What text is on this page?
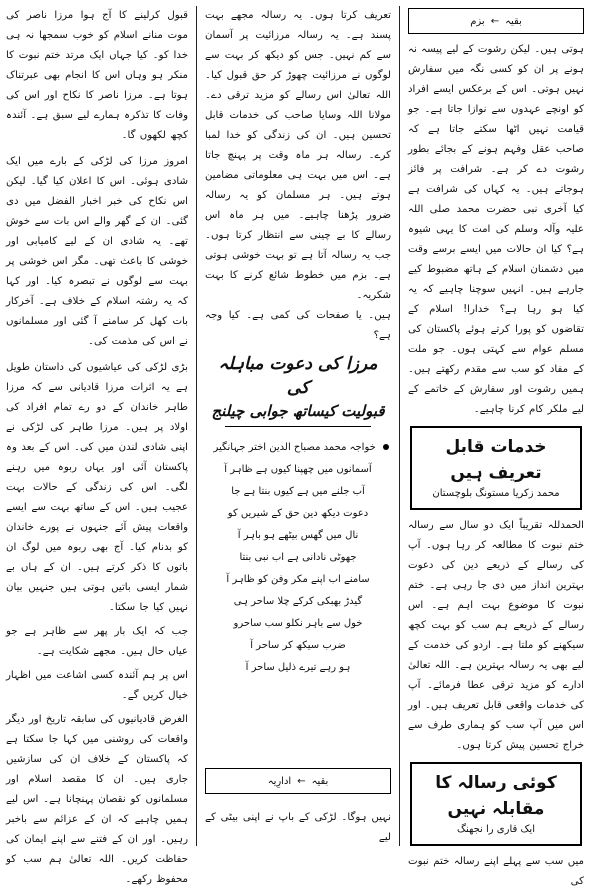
بقیہ
←
بزم
ہوتی ہیں۔ لیکن رشوت کے لیے پیسہ نہ ہونے پر ان کو کسی نگہ میں سفارش نہیں ہوتی۔ اس کے برعکس ایسے افراد کو اونچے عہدوں سے نوازا جاتا ہے۔ جو قیامت نہیں اٹھا سکتے جاتا ہے کہ صاحب عقل وفہم ہونے کے بجائے بطور رشوت دے کر ہے۔ شرافت پر فائز ہوجاتے ہیں۔ یہ کہاں کی شرافت ہے کیا آخری نبی حضرت محمد صلی اللہ علیہ وآلہ وسلم کی امت کا یہی شیوہ ہے؟ کیا ان حالات میں ایسے برسے وقت میں دشمنان اسلام کے ہاتھ مضبوط کیے جارہے ہیں۔ انہیں سوچنا چاہیے کہ یہ کیا ہو رہا ہے؟ خدارا! اسلام کے تقاضوں کو پورا کرتے ہوئے پاکستان کی مسلم عوام سے کہتی ہوں۔ جو ملت کے مفاد کو سب سے مقدم رکھتے ہیں۔ ہمیں رشوت اور سفارش کے خاتمے کے لیے ملکر کام کرنا چاہیے۔
خدمات قابل تعریف ہیں
محمد زکریا مستونگ بلوچستان
الحمدللہ تقریباً ایک دو سال سے رسالہ ختم نبوت کا مطالعہ کر رہا ہوں۔ آپ کی رسالے کے ذریعے دین کی دعوت بہترین انداز میں دی جا رہی ہے۔ ختم نبوت کا موضوع بہت اہم ہے۔ اس رسالے کے ذریعے ہم سب کو بہت کچھ سیکھنے کو ملتا ہے۔ اردو کی خدمت کے لیے بھی یہ رسالہ بہترین ہے۔ اللہ تعالیٰ ادارے کو مزید ترقی عطا فرمائے۔ آپ کی خدمات واقعی قابل تعریف ہیں۔ اور اس میں آپ سب کو ہماری طرف سے خراج تحسین پیش کرتا ہوں۔
کوئی رسالہ کا مقابلہ نہیں
ایک قاری را نجھنگ
میں سب سے پہلے اپنے رسالہ ختم نبوت کی
تعریف کرتا ہوں۔ یہ رسالہ مجھے بہت پسند ہے۔ یہ رسالہ مرزائیت پر آسمان سے کم نہیں۔ جس کو دیکھ کر بہت سے لوگوں نے مرزائیت چھوڑ کر حق قبول کیا۔ اللہ تعالیٰ اس رسالے کو مزید ترقی دے۔ مولانا اللہ وسایا صاحب کی خدمات قابل تحسین ہیں۔ ان کی زندگی کو خدا لمبا کرے۔ رسالہ ہر ماہ وقت پر پہنچ جاتا ہے۔ اس میں بہت ہی معلوماتی مضامین ہوتے ہیں۔ ہر مسلمان کو یہ رسالہ ضرور پڑھنا چاہیے۔ میں ہر ماہ اس رسالے کا بے چینی سے انتظار کرتا ہوں۔ جب یہ رسالہ آتا ہے تو بہت خوشی ہوتی ہے۔ بزم میں خطوط شائع کرنے کا بہت شکریہ۔
ہیں۔ یا صفحات کی کمی ہے۔ کیا وجہ ہے؟
مرزا کی دعوت مباہلہ کی
قبولیت کیساتھ جوابی چیلنج
خواجہ محمد مصباح الدین اختر جہانگیر
آسمانوں میں چھپنا کیوں ہے ظاہر آ
آب جلنے میں ہے کیوں بنتا ہے جا
دعوت دیکھ دین حق کے شیریں کو
نال میں گھس بیٹھے ہو باہر آ
جھوٹی نادانی ہے اب نبی بنتا
سامنے اب اپنے مکر وفن کو ظاہر آ
گیدڑ بھبکی کرکے چلا ساحر ہی
خول سے باہر نکلو سب ساحرو
ضرب سیکھ کر ساحر آ
ہو رہے تیرے ذلیل ساحر آ
بقیہ
←
ادارِیہ
نہیں ہوگا۔ لڑکی کے باپ نے اپنی بیٹی کے لیے
قبول کرلینے کا آج ہوا مرزا ناصر کی موت منانے اسلام کو خوب سمجھا نہ ہی خدا کو۔ کیا جہاں ایک مرتد ختم نبوت کا منکر ہو وہاں اس کا انجام بھی عبرتناک ہوتا ہے۔ مرزا ناصر کا نکاح اور اس کی وفات کا تذکرہ ہمارے لیے سبق ہے۔ آئندہ کچھ لکھوں گا۔
امروز مرزا کی لڑکی کے بارے میں ایک شادی ہوئی۔ اس کا اعلان کیا گیا۔ لیکن اس نکاح کی خبر اخبار الفضل میں دی گئی۔ ان کے گھر والے اس بات سے خوش تھے۔ یہ شادی ان کے لیے کامیابی اور خوشی کا باعث تھی۔ مگر اس خوشی پر بہت سے لوگوں نے تبصرہ کیا۔ اور کہا کہ یہ رشتہ اسلام کے خلاف ہے۔ آخرکار بات کھل کر سامنے آ گئی اور مسلمانوں نے اس کی مذمت کی۔
بڑی لڑکی کی عیاشیوں کی داستان طویل ہے یہ اثرات مرزا قادیانی سے کہ مرزا طاہر خاندان کے دو رے تمام افراد کی اولاد پر ہیں۔ مرزا طاہر کی لڑکی نے اپنی شادی لندن میں کی۔ اس کے بعد وہ پاکستان آئی اور یہاں ربوہ میں رہنے لگی۔ اس کی زندگی کے حالات بہت عجیب ہیں۔ اس کے ساتھ بہت سے ایسے واقعات پیش آئے جنہوں نے پورے خاندان کو بدنام کیا۔ آج بھی ربوہ میں لوگ ان باتوں کا ذکر کرتے ہیں۔ ان کے ہاں بے شمار ایسی باتیں ہوتی ہیں جنہیں بیان نہیں کیا جا سکتا۔
جب کہ ایک بار پھر سے ظاہر ہے جو عیاں حال ہیں۔ مجھے شکایت ہے۔
اس پر ہم آئندہ کسی اشاعت میں اظہار خیال کریں گے۔
الغرض قادیانیوں کی سابقہ تاریخ اور دیگر واقعات کی روشنی میں کہا جا سکتا ہے کہ پاکستان کے خلاف ان کی سازشیں جاری ہیں۔ ان کا مقصد اسلام اور مسلمانوں کو نقصان پہنچانا ہے۔ اس لیے ہمیں چاہیے کہ ان کے عزائم سے باخبر رہیں۔ اور ان کے فتنے سے اپنے ایمان کی حفاظت کریں۔ اللہ تعالیٰ ہم سب کو محفوظ رکھے۔
